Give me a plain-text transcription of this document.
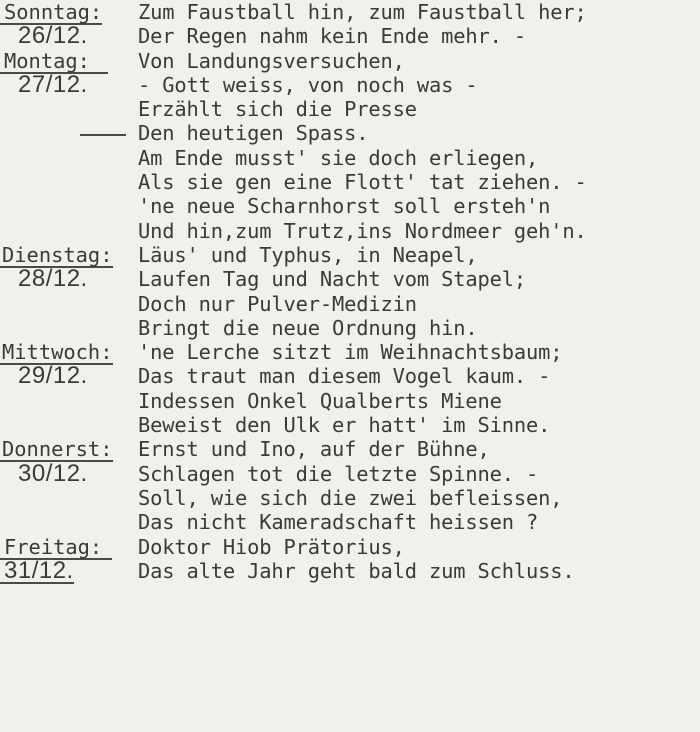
Sonntag:	Zum Faustball hin, zum Faustball her;
26/12.	Der Regen nahm kein Ende mehr. -
Montag:	Von Landungsversuchen,
27/12.	- Gott weiss, von noch was -
Erzählt sich die Presse
Den heutigen Spass.
Am Ende musst' sie doch erliegen,
Als sie gen eine Flott' tat ziehen. -
'ne neue Scharnhorst soll ersteh'n
Und hin,zum Trutz,ins Nordmeer geh'n.
Dienstag:	Läus' und Typhus, in Neapel,
28/12.	Laufen Tag und Nacht vom Stapel;
Doch nur Pulver-Medizin
Bringt die neue Ordnung hin.
Mittwoch:	'ne Lerche sitzt im Weihnachtsbaum;
29/12.	Das traut man diesem Vogel kaum. -
Indessen Onkel Qualberts Miene
Beweist den Ulk er hatt' im Sinne.
Donnerst:	Ernst und Ino, auf der Bühne,
30/12.	Schlagen tot die letzte Spinne. -
Soll, wie sich die zwei befleissen,
Das nicht Kameradschaft heissen ?
Freitag:	Doktor Hiob Prätorius,
31/12.	Das alte Jahr geht bald zum Schluss.
